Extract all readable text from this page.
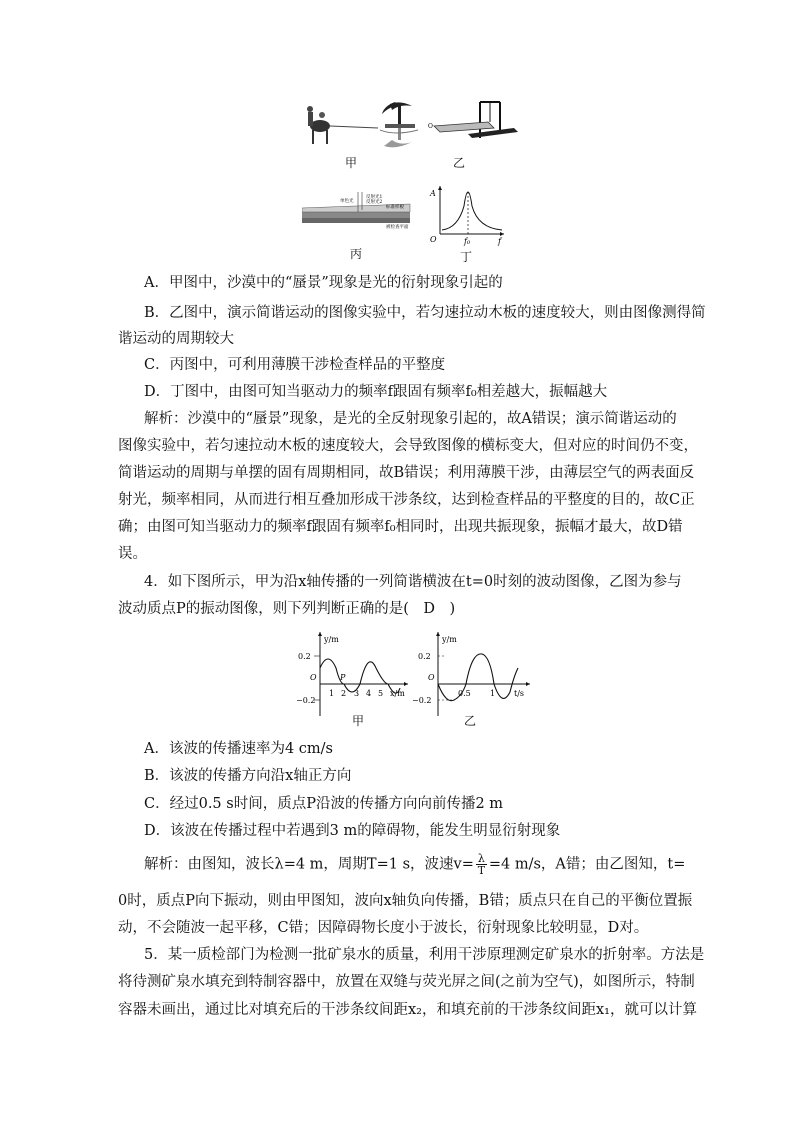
甲
O
乙
反射光1
反射光2
单色光
标准样板
被检查平面
丙
A
f
O	f₀
丁
A．甲图中，沙漠中的“蜃景”现象是光的衍射现象引起的
B．乙图中，演示简谐运动的图像实验中，若匀速拉动木板的速度较大，则由图像测得简
谐运动的周期较大
C．丙图中，可利用薄膜干涉检查样品的平整度
D．丁图中，由图可知当驱动力的频率f跟固有频率f₀相差越大，振幅越大
解析：沙漠中的“蜃景”现象，是光的全反射现象引起的，故A错误；演示简谐运动的
图像实验中，若匀速拉动木板的速度较大，会导致图像的横标变大，但对应的时间仍不变，
简谐运动的周期与单摆的固有周期相同，故B错误；利用薄膜干涉，由薄层空气的两表面反
射光，频率相同，从而进行相互叠加形成干涉条纹，达到检查样品的平整度的目的，故C正
确；由图可知当驱动力的频率f跟固有频率f₀相同时，出现共振现象，振幅才最大，故D错
误。
4．如下图所示，甲为沿x轴传播的一列简谐横波在t=0时刻的波动图像，乙图为参与
波动质点P的振动图像，则下列判断正确的是(　D　)
y/m
x/m
0.2
−0.2
O	P
1 2 3 4 5
甲
y/m
t/s
0.2
−0.2
O
0.5 1
乙
A．该波的传播速率为4 cm/s
B．该波的传播方向沿x轴正方向
C．经过0.5 s时间，质点P沿波的传播方向向前传播2 m
D．该波在传播过程中若遇到3 m的障碍物，能发生明显衍射现象
解析：由图知，波长λ=4 m，周期T=1 s，波速$v= \frac{\lambda}{T} =4$ m/s，A错；由乙图知，t=
0时，质点P向下振动，则由甲图知，波向x轴负向传播，B错；质点只在自己的平衡位置振
动，不会随波一起平移，C错；因障碍物长度小于波长，衍射现象比较明显，D对。
5．某一质检部门为检测一批矿泉水的质量，利用干涉原理测定矿泉水的折射率。方法是
将待测矿泉水填充到特制容器中，放置在双缝与荧光屏之间(之前为空气)，如图所示，特制
容器未画出，通过比对填充后的干涉条纹间距x₂，和填充前的干涉条纹间距x₁，就可以计算
